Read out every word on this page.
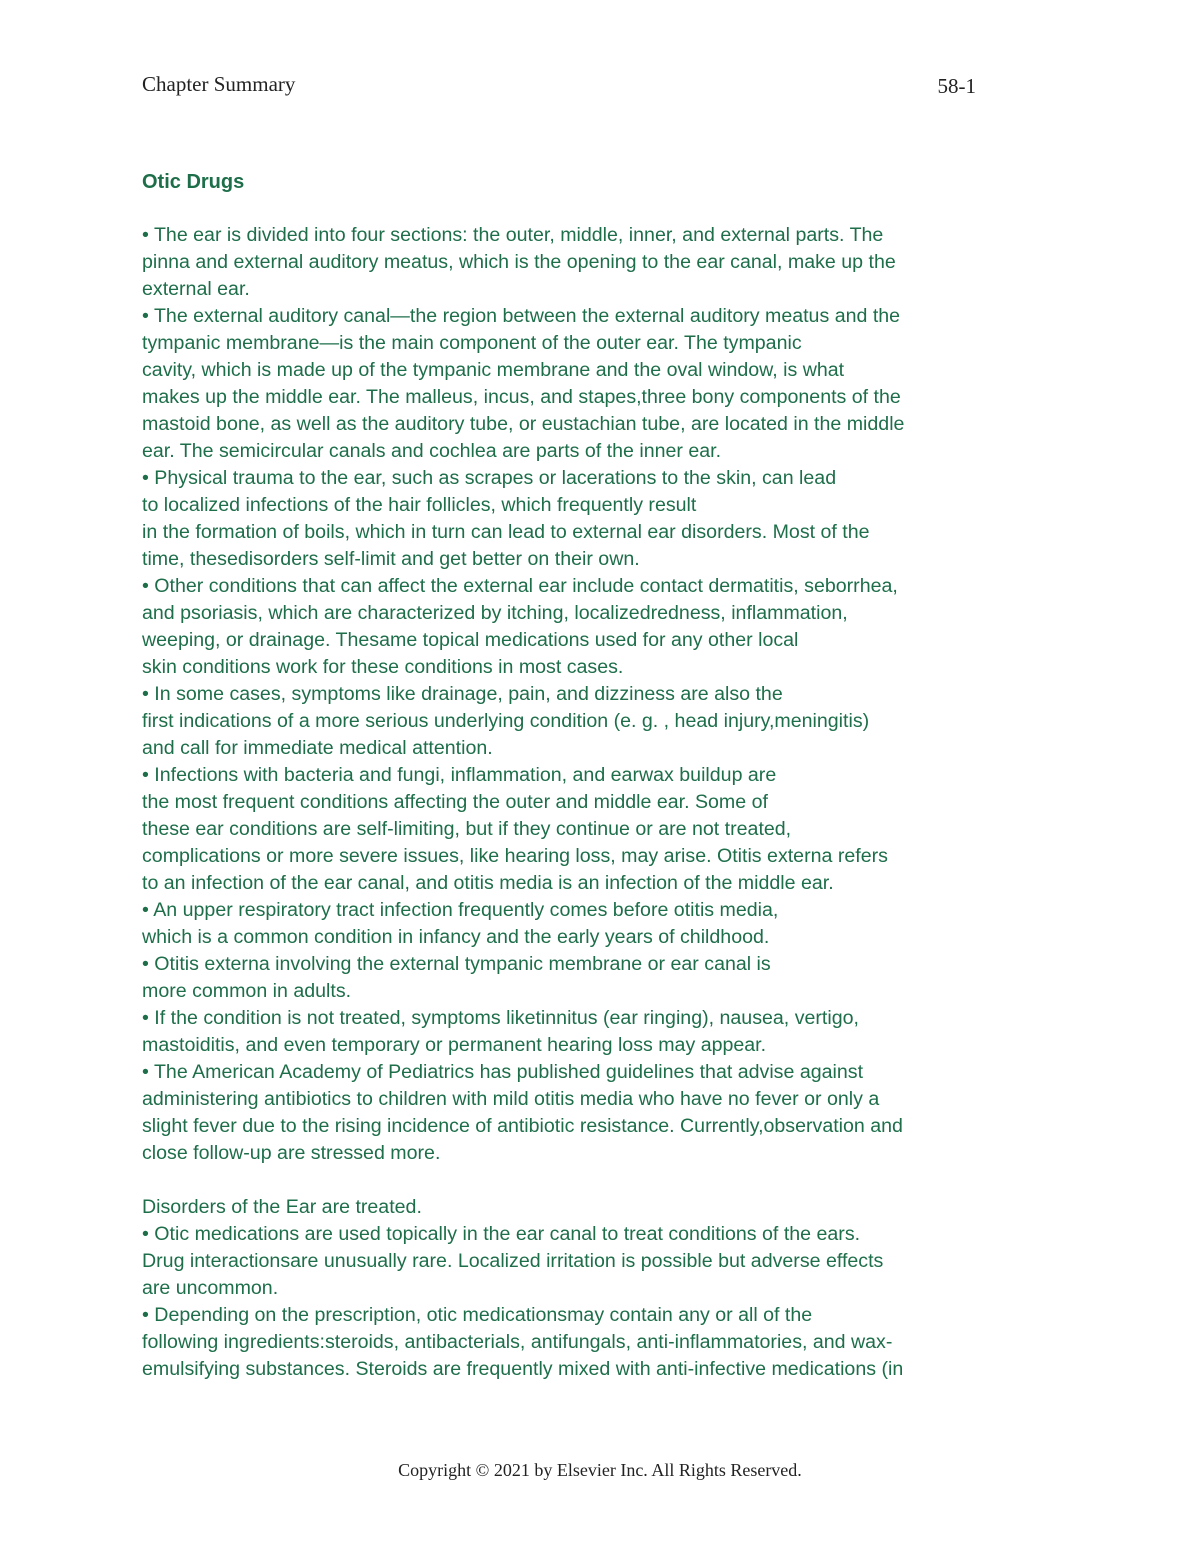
Chapter Summary	58-1
Otic Drugs
• The ear is divided into four sections: the outer, middle, inner, and external parts. The
pinna and external auditory meatus, which is the opening to the ear canal, make up the
external ear.
• The external auditory canal—the region between the external auditory meatus and the
tympanic membrane—is the main component of the outer ear. The tympanic
cavity, which is made up of the tympanic membrane and the oval window, is what
makes up the middle ear. The malleus, incus, and stapes,three bony components of the
mastoid bone, as well as the auditory tube, or eustachian tube, are located in the middle
ear. The semicircular canals and cochlea are parts of the inner ear.
• Physical trauma to the ear, such as scrapes or lacerations to the skin, can lead
to localized infections of the hair follicles, which frequently result
in the formation of boils, which in turn can lead to external ear disorders. Most of the
time, thesedisorders self-limit and get better on their own.
• Other conditions that can affect the external ear include contact dermatitis, seborrhea,
and psoriasis, which are characterized by itching, localizedredness, inflammation,
weeping, or drainage. Thesame topical medications used for any other local
skin conditions work for these conditions in most cases.
• In some cases, symptoms like drainage, pain, and dizziness are also the
first indications of a more serious underlying condition (e. g. , head injury,meningitis)
and call for immediate medical attention.
• Infections with bacteria and fungi, inflammation, and earwax buildup are
the most frequent conditions affecting the outer and middle ear. Some of
these ear conditions are self-limiting, but if they continue or are not treated,
complications or more severe issues, like hearing loss, may arise. Otitis externa refers
to an infection of the ear canal, and otitis media is an infection of the middle ear.
• An upper respiratory tract infection frequently comes before otitis media,
which is a common condition in infancy and the early years of childhood.
• Otitis externa involving the external tympanic membrane or ear canal is
more common in adults.
• If the condition is not treated, symptoms liketinnitus (ear ringing), nausea, vertigo,
mastoiditis, and even temporary or permanent hearing loss may appear.
• The American Academy of Pediatrics has published guidelines that advise against
administering antibiotics to children with mild otitis media who have no fever or only a
slight fever due to the rising incidence of antibiotic resistance. Currently,observation and
close follow-up are stressed more.
Disorders of the Ear are treated.
• Otic medications are used topically in the ear canal to treat conditions of the ears.
Drug interactionsare unusually rare. Localized irritation is possible but adverse effects
are uncommon.
• Depending on the prescription, otic medicationsmay contain any or all of the
following ingredients:steroids, antibacterials, antifungals, anti-inflammatories, and wax-
emulsifying substances. Steroids are frequently mixed with anti-infective medications (in
Copyright © 2021 by Elsevier Inc. All Rights Reserved.
